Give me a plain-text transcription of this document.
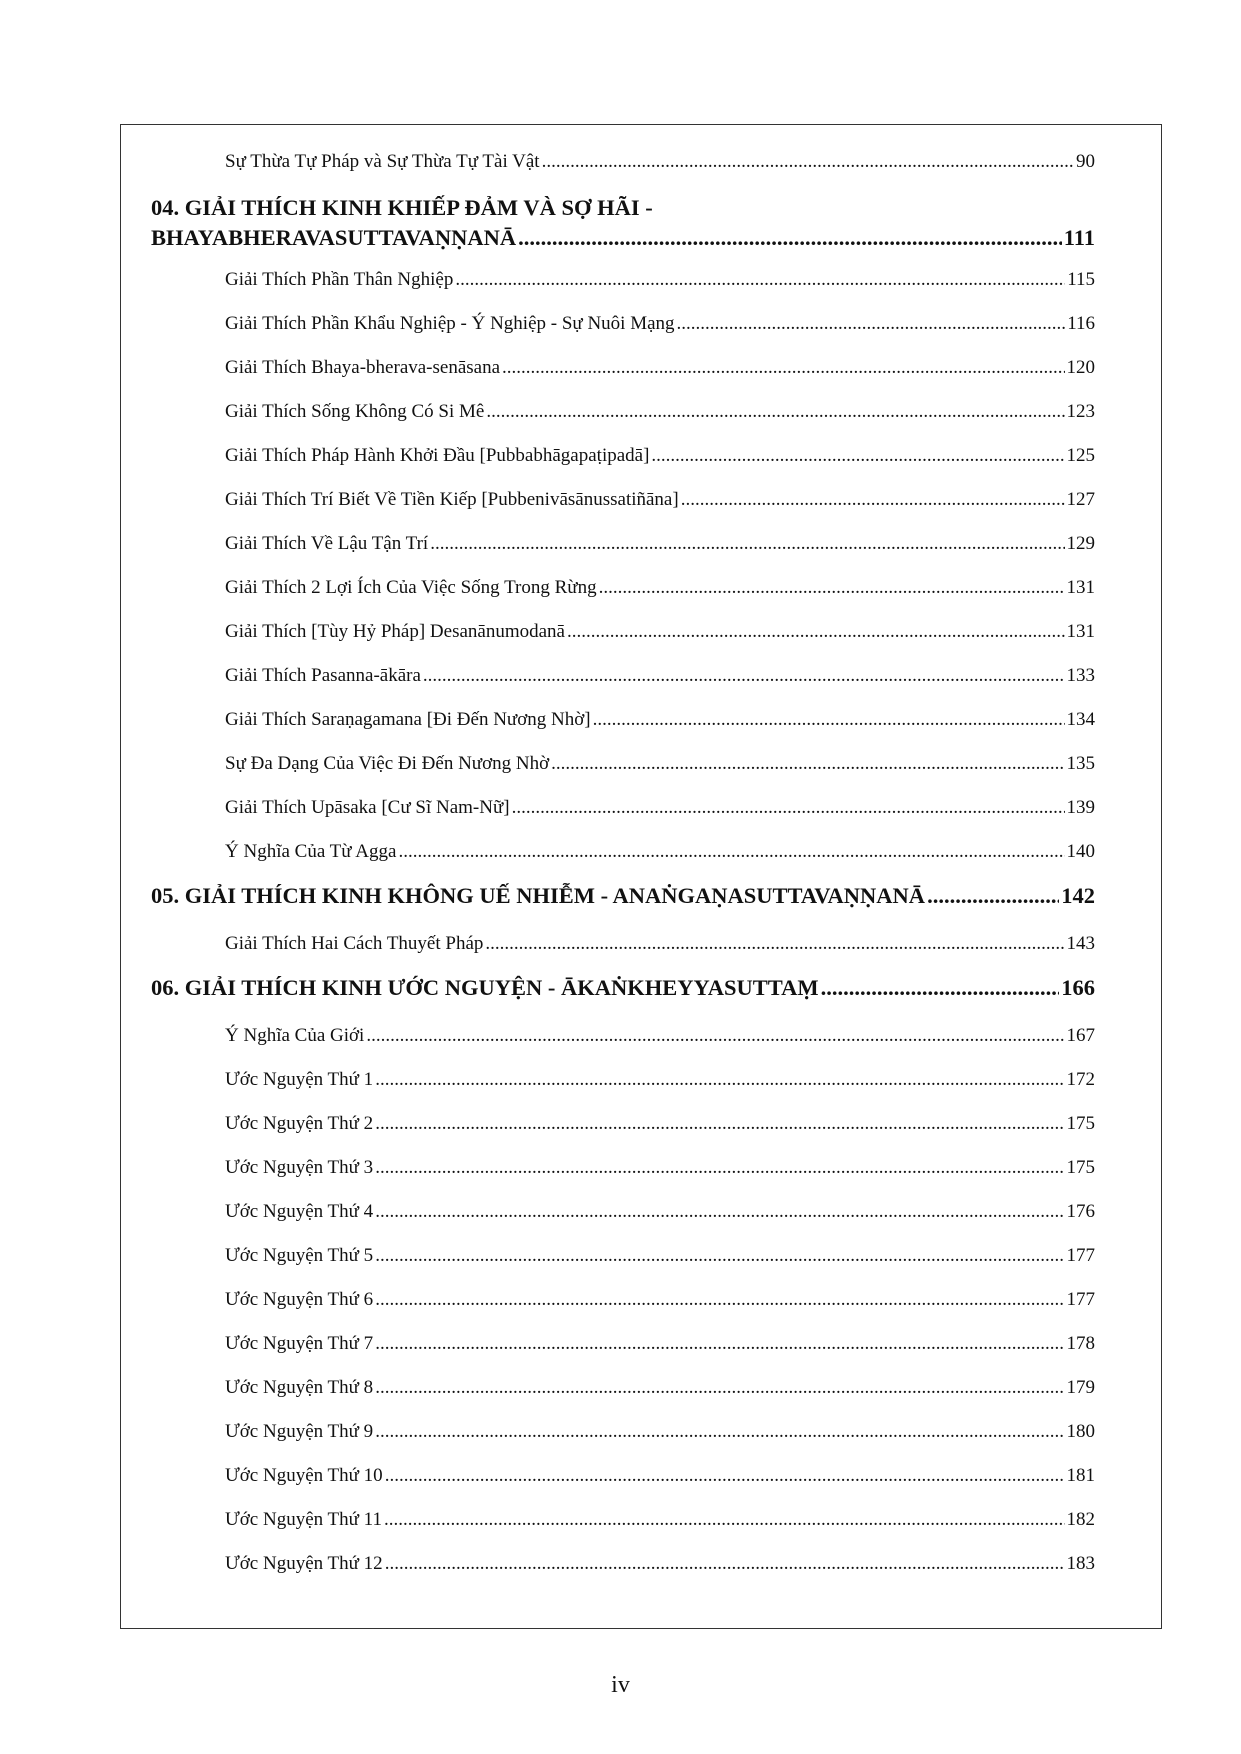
Sự Thừa Tự Pháp và Sự Thừa Tự Tài Vật .....	90
04. GIẢI THÍCH KINH KHIẾP ĐẢM VÀ SỢ HÃI -
BHAYABHERAVASUTTAVAṆṆANĀ .....	111
Giải Thích Phần Thân Nghiệp .....	115
Giải Thích Phần Khẩu Nghiệp - Ý Nghiệp - Sự Nuôi Mạng .....	116
Giải Thích Bhaya-bherava-senāsana .....	120
Giải Thích Sống Không Có Si Mê .....	123
Giải Thích Pháp Hành Khởi Đầu [Pubbabhāgapaṭipadā] .....	125
Giải Thích Trí Biết Về Tiền Kiếp [Pubbenivāsānussatiñāna] .....	127
Giải Thích Về Lậu Tận Trí .....	129
Giải Thích 2 Lợi Ích Của Việc Sống Trong Rừng .....	131
Giải Thích [Tùy Hỷ Pháp] Desanānumodanā .....	131
Giải Thích Pasanna-ākāra .....	133
Giải Thích Saraṇagamana [Đi Đến Nương Nhờ] .....	134
Sự Đa Dạng Của Việc Đi Đến Nương Nhờ .....	135
Giải Thích Upāsaka [Cư Sĩ Nam-Nữ] .....	139
Ý Nghĩa Của Từ Agga .....	140
05. GIẢI THÍCH KINH KHÔNG UẾ NHIỄM - ANAṄGAṆASUTTAVAṆṆANĀ .....	142
Giải Thích Hai Cách Thuyết Pháp .....	143
06. GIẢI THÍCH KINH ƯỚC NGUYỆN - ĀKAṄKHEYYASUTTAṂ .....	166
Ý Nghĩa Của Giới .....	167
Ước Nguyện Thứ 1 .....	172
Ước Nguyện Thứ 2 .....	175
Ước Nguyện Thứ 3 .....	175
Ước Nguyện Thứ 4 .....	176
Ước Nguyện Thứ 5 .....	177
Ước Nguyện Thứ 6 .....	177
Ước Nguyện Thứ 7 .....	178
Ước Nguyện Thứ 8 .....	179
Ước Nguyện Thứ 9 .....	180
Ước Nguyện Thứ 10 .....	181
Ước Nguyện Thứ 11 .....	182
Ước Nguyện Thứ 12 .....	183
iv
